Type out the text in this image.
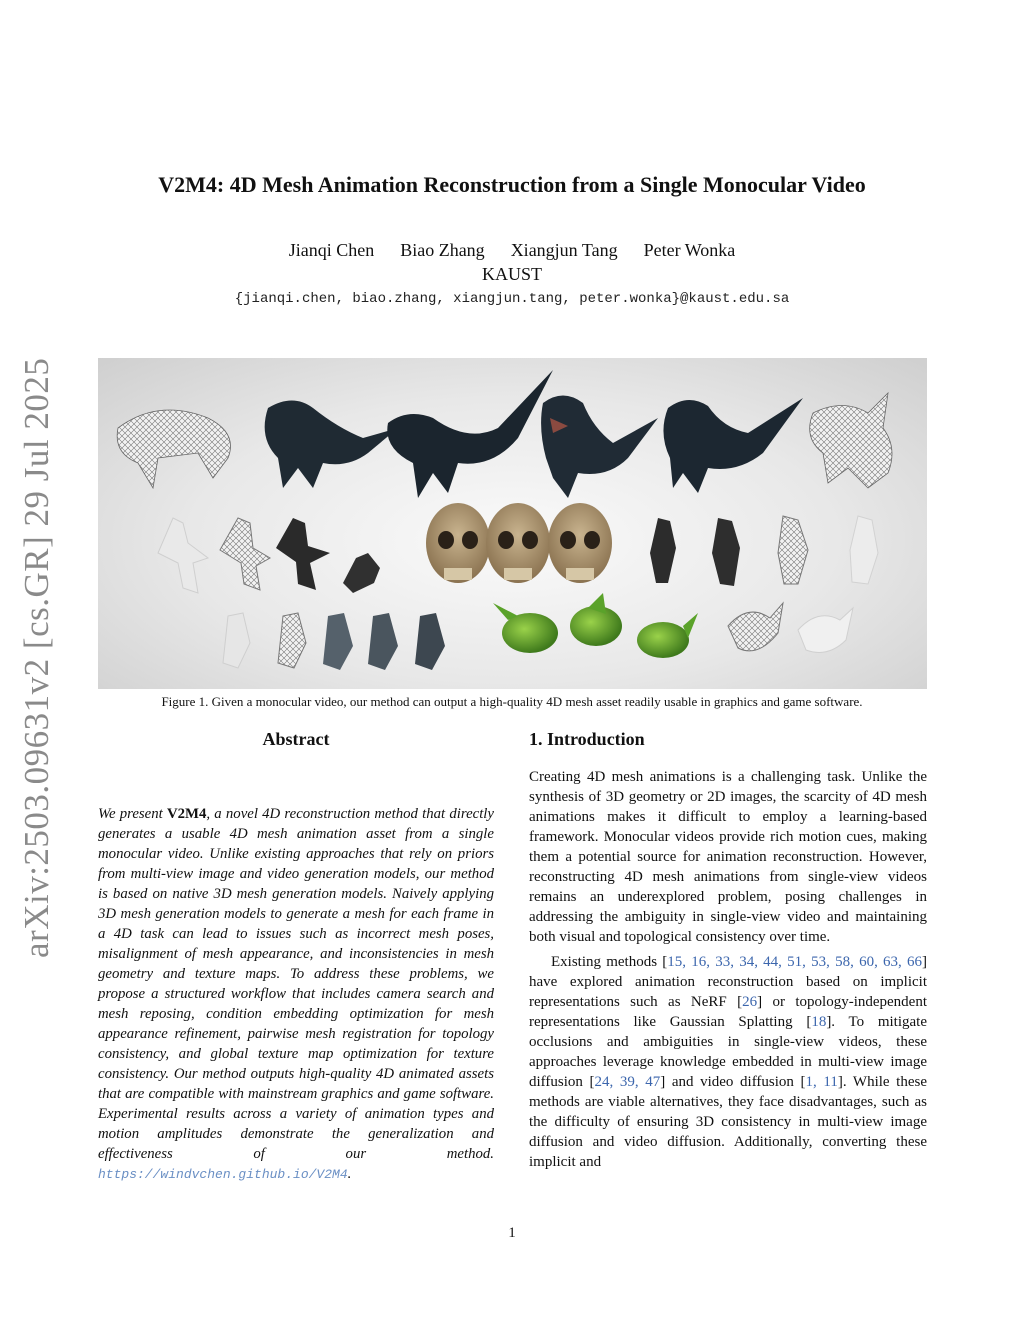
arXiv:2503.09631v2 [cs.GR] 29 Jul 2025
V2M4: 4D Mesh Animation Reconstruction from a Single Monocular Video
Jianqi Chen Biao Zhang Xiangjun Tang Peter Wonka
KAUST
{jianqi.chen, biao.zhang, xiangjun.tang, peter.wonka}@kaust.edu.sa
Figure 1. Given a monocular video, our method can output a high-quality 4D mesh asset readily usable in graphics and game software.
Abstract	1. Introduction
We present V2M4, a novel 4D reconstruction method that directly generates a usable 4D mesh animation asset from a single monocular video. Unlike existing approaches that rely on priors from multi-view image and video generation models, our method is based on native 3D mesh generation models. Naively applying 3D mesh generation models to generate a mesh for each frame in a 4D task can lead to issues such as incorrect mesh poses, misalignment of mesh appearance, and inconsistencies in mesh geometry and texture maps. To address these problems, we propose a structured workflow that includes camera search and mesh reposing, condition embedding optimization for mesh appearance refinement, pairwise mesh registration for topology consistency, and global texture map optimization for texture consistency. Our method outputs high-quality 4D animated assets that are compatible with mainstream graphics and game software. Experimental results across a variety of animation types and motion amplitudes demonstrate the generalization and effectiveness of our method. https://windvchen.github.io/V2M4.

Creating 4D mesh animations is a challenging task. Unlike the synthesis of 3D geometry or 2D images, the scarcity of 4D mesh animations makes it difficult to employ a learning-based framework. Monocular videos provide rich motion cues, making them a potential source for animation reconstruction. However, reconstructing 4D mesh animations from single-view videos remains an underexplored problem, posing challenges in addressing the ambiguity in single-view video and maintaining both visual and topological consistency over time.

Existing methods [15, 16, 33, 34, 44, 51, 53, 58, 60, 63, 66] have explored animation reconstruction based on implicit representations such as NeRF [26] or topology-independent representations like Gaussian Splatting [18]. To mitigate occlusions and ambiguities in single-view videos, these approaches leverage knowledge embedded in multi-view image diffusion [24, 39, 47] and video diffusion [1, 11]. While these methods are viable alternatives, they face disadvantages, such as the difficulty of ensuring 3D consistency in multi-view image diffusion and video diffusion. Additionally, converting these implicit and

1
